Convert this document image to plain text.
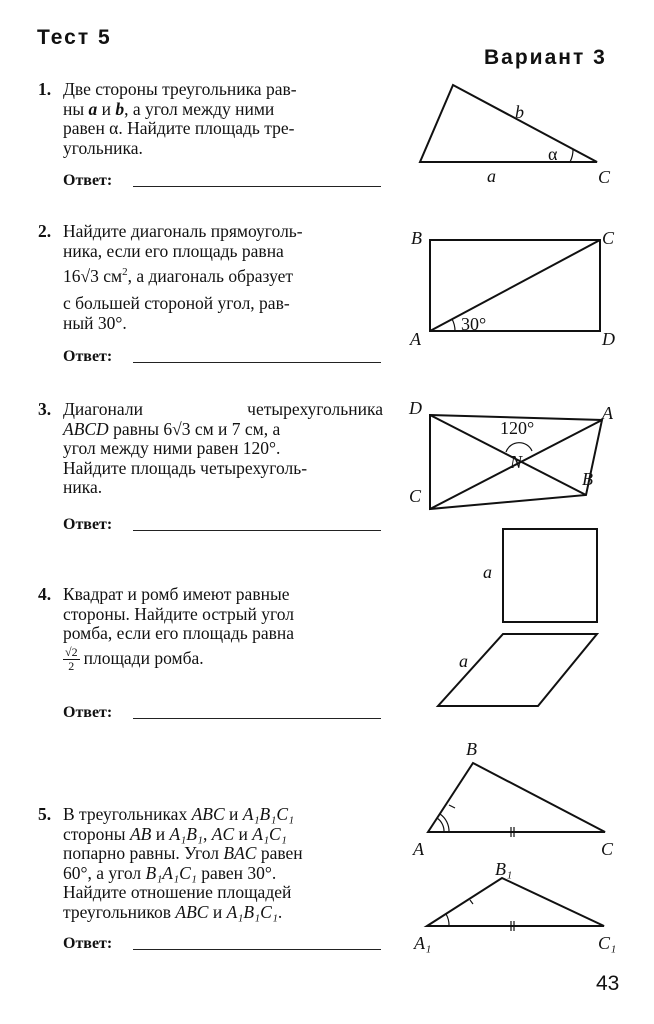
Тест 5
Вариант 3
1. Две стороны треугольника рав-
ны a и b, а угол между ними
равен α. Найдите площадь тре-
угольника.
Ответ:
2. Найдите диагональ прямоуголь-
ника, если его площадь равна
16√3 $см^2$, а диагональ образует
с большей стороной угол, рав-
ный 30°.
Ответ:
3. Диагонали четырехугольника
ABCD равны 6√3 см и 7 см, а
угол между ними равен 120°.
Найдите площадь четырехуголь-
ника.
Ответ:
4. Квадрат и ромб имеют равные
стороны. Найдите острый угол
ромба, если его площадь равна
$\frac{√2}{2}$ площади ромба.
Ответ:
5. В треугольниках ABC и A₁B₁C₁
стороны AB и A₁B₁, AC и A₁C₁
попарно равны. Угол BAC равен
60°, а угол B₁A₁C₁ равен 30°.
Найдите отношение площадей
треугольников ABC и A₁B₁C₁.
Ответ:
b
α
a	C
B	C
A	D
30°
D	A
120°
N
B
C
a
a
B
A	C
B₁
A₁	C₁
43
